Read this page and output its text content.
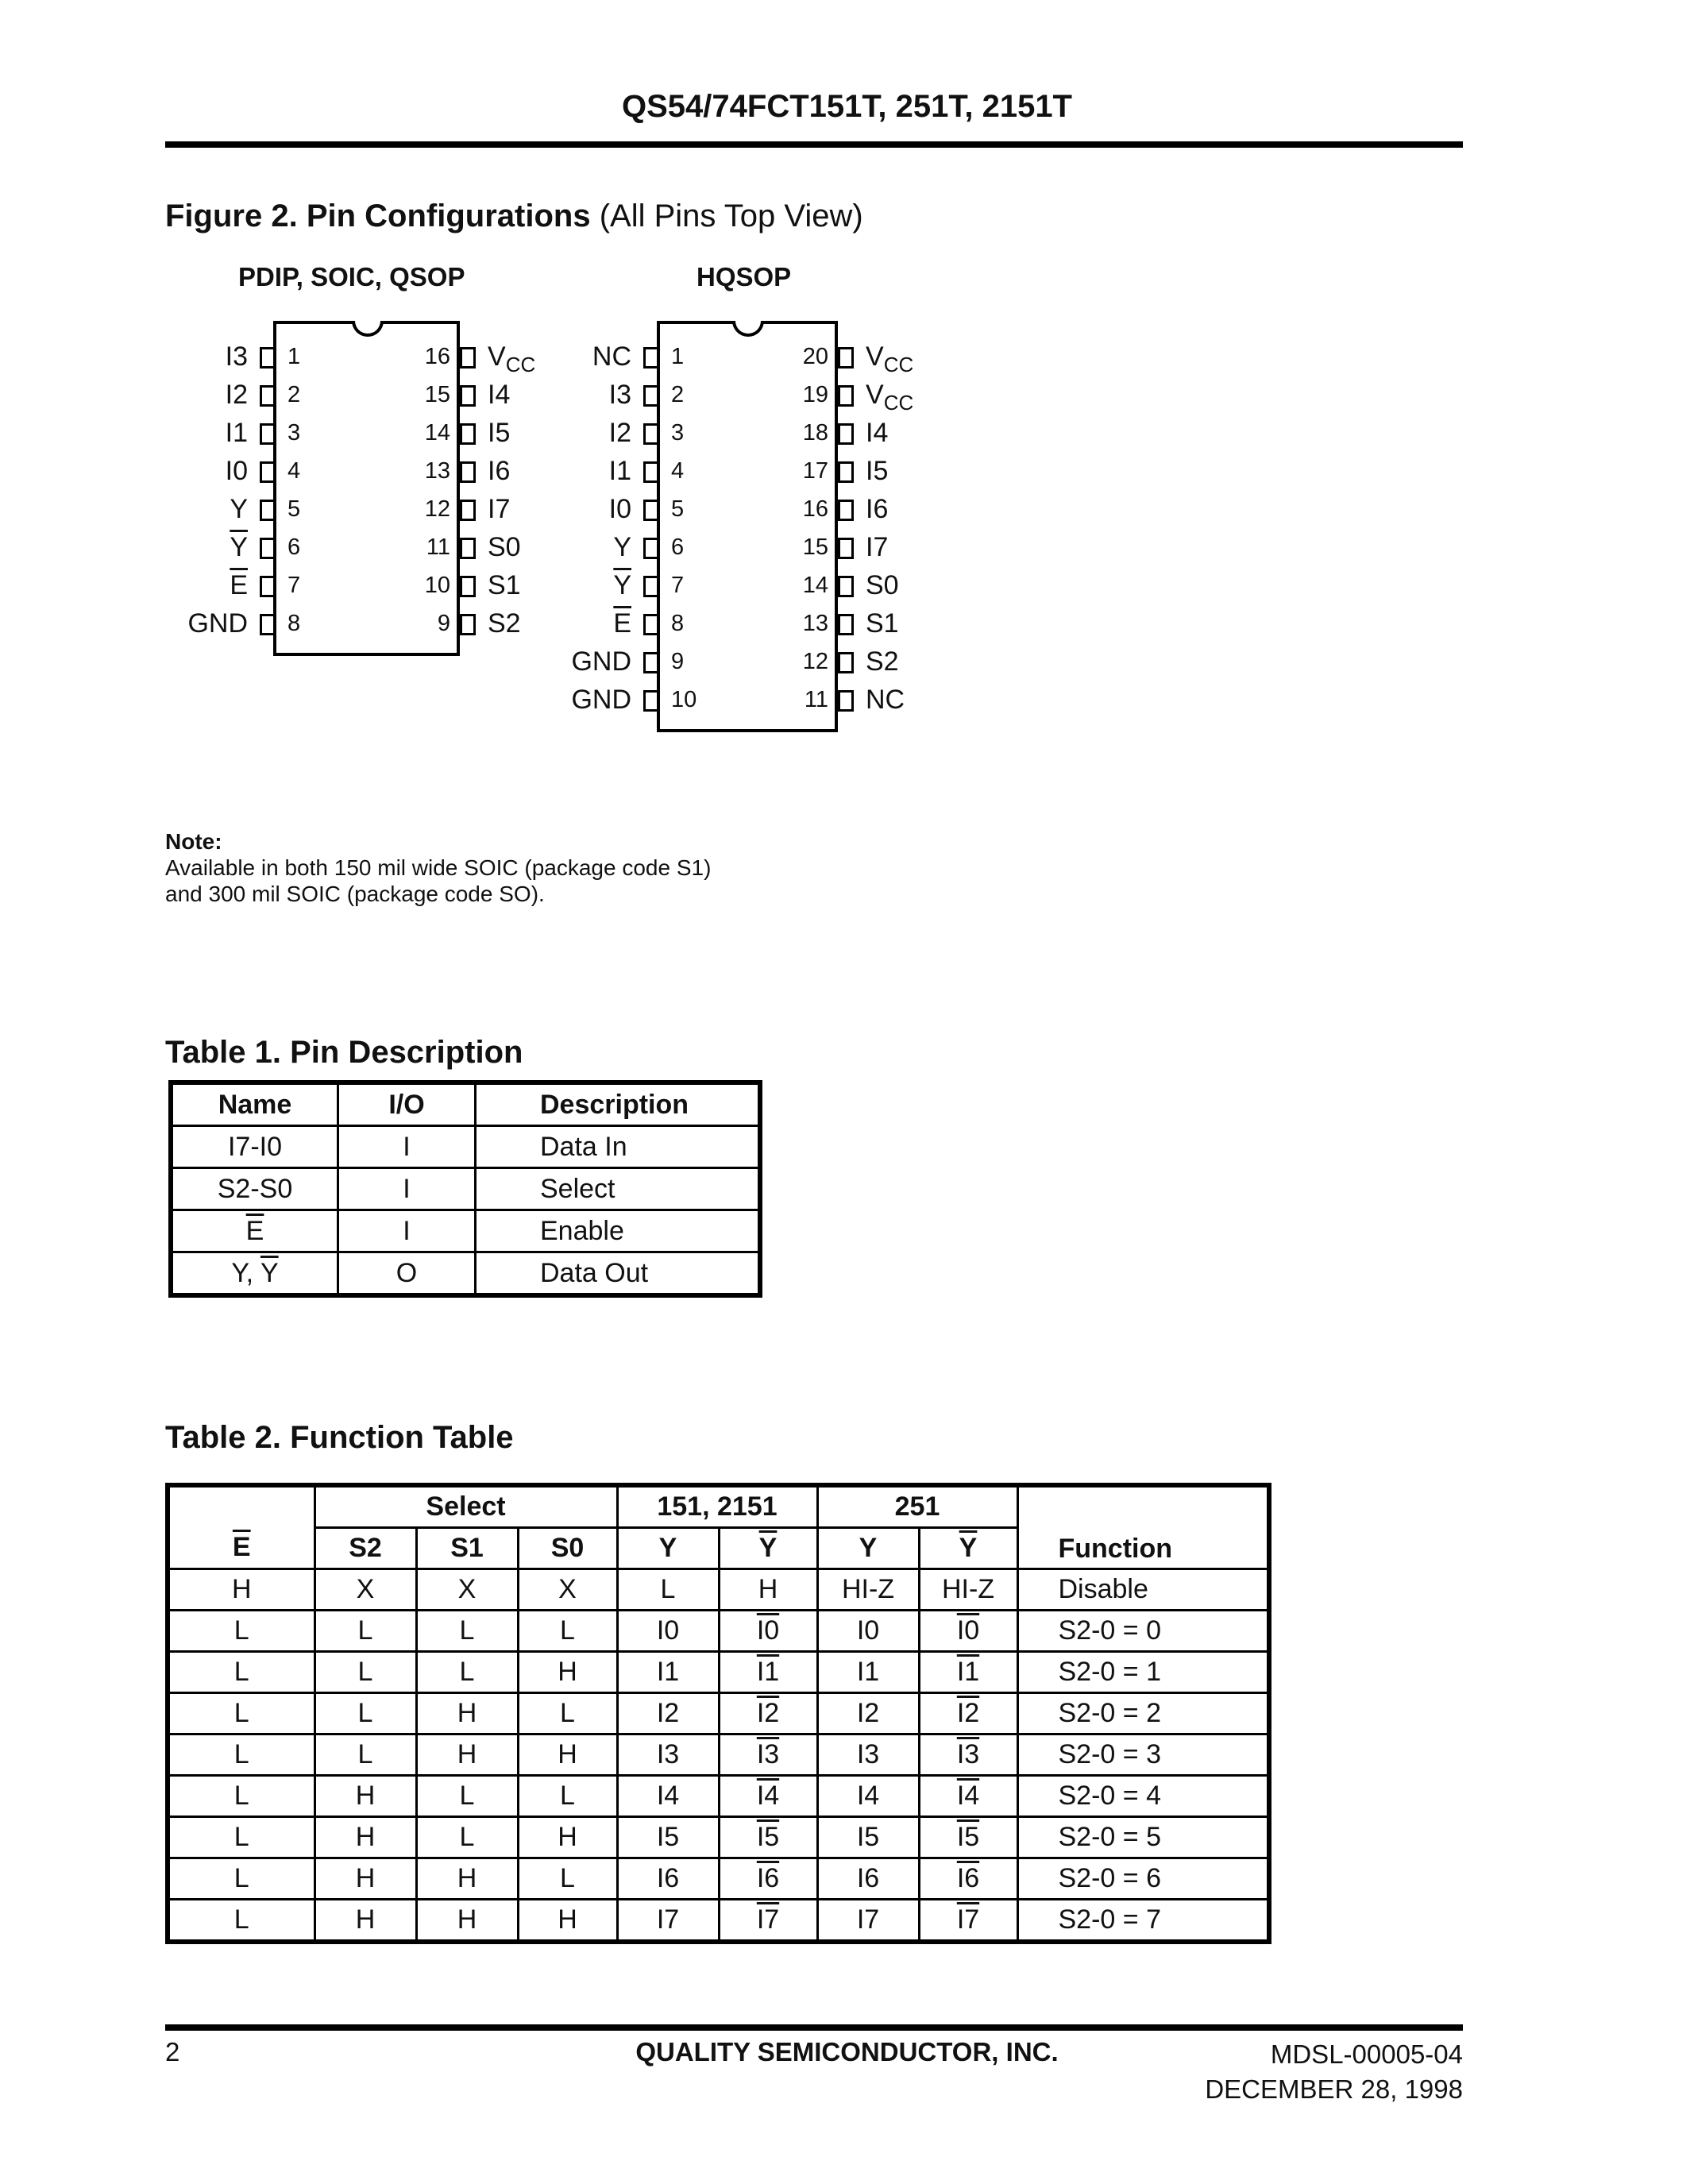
QS54/74FCT151T, 251T, 2151T
Figure 2. Pin Configurations (All Pins Top View)
PDIP, SOIC, QSOP	HQSOP
1
I3
2
I2
3
I1
4
I0
5
Y
6
$\overline{Y}$
7
$\overline{E}$
8
GND
16 $V_{CC}$
15 I4
14 I5
13 I6
12 I7
11 S0
10 S1
9 S2
1
NC
2
I3
3
I2
4
I1
5
I0
6
Y
7
$\overline{Y}$
8
$\overline{E}$
9
GND
10
GND
20 $V_{CC}$
19 $V_{CC}$
18 I4
17 I5
16 I6
15 I7
14 S0
13 S1
12 S2
11 NC
Note:
Available in both 150 mil wide SOIC (package code S1)
and 300 mil SOIC (package code SO).
Table 1. Pin Description
Name	I/O	Description
I7-I0	I	Data In
S2-S0	I	Select
$\overline{E}$	I	Enable
Y, $\overline{Y}$	O	Data Out
Table 2. Function Table
	Select			151, 2151		251		Function
$\overline{E}$	S2	S1	S0	Y	$\overline{Y}$	Y	$\overline{Y}$
H	X	X	X	L	H	HI-Z	HI-Z	Disable
L	L	L	L	I0	I0	I0	I0	S2-0 = 0
L	L	L	H	I1	I1	I1	I1	S2-0 = 1
L	L	H	L	I2	I2	I2	I2	S2-0 = 2
L	L	H	H	I3	I3	I3	I3	S2-0 = 3
L	H	L	L	I4	I4	I4	I4	S2-0 = 4
L	H	L	H	I5	I5	I5	I5	S2-0 = 5
L	H	H	L	I6	I6	I6	I6	S2-0 = 6
L	H	H	H	I7	I7	I7	I7	S2-0 = 7
2	QUALITY SEMICONDUCTOR, INC.	MDSL-00005-04
DECEMBER 28, 1998
